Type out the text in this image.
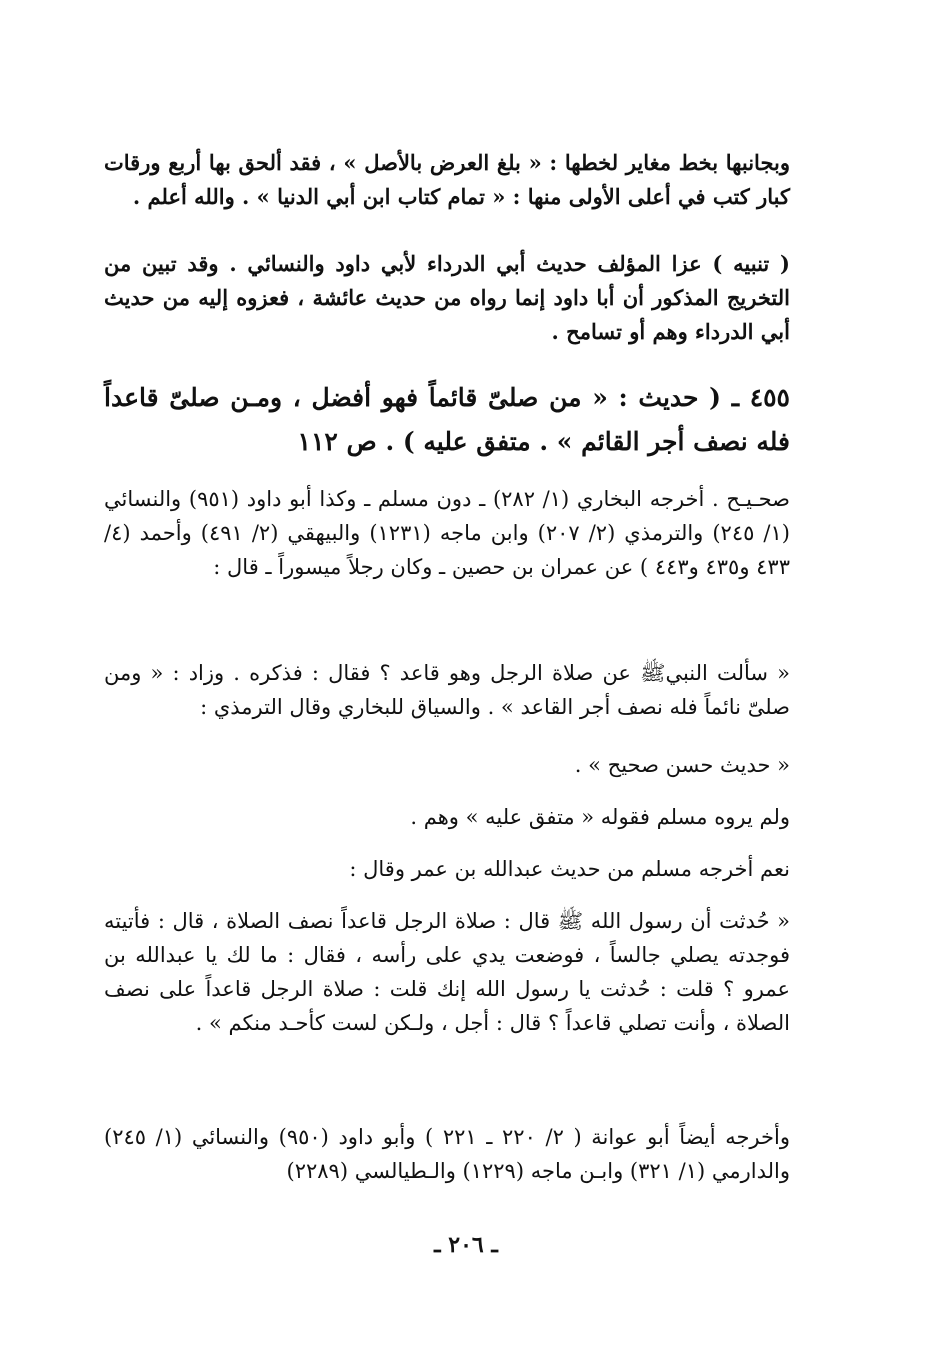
وبجانبها بخط مغاير لخطها : « بلغ العرض بالأصل » ، فقد ألحق بها أربع ورقات كبار كتب في أعلى الأولى منها : « تمام كتاب ابن أبي الدنيا » . والله أعلم .

( تنبيه ) عزا المؤلف حديث أبي الدرداء لأبي داود والنسائي . وقد تبين من التخريج المذكور أن أبا داود إنما رواه من حديث عائشة ، فعزوه إليه من حديث أبي الدرداء وهم أو تسامح .

٤٥٥ ـ ( حديث : « من صلىّ قائماً فهو أفضل ، ومـن صلىّ قاعداً فله نصف أجر القائم » . متفق عليه ) . ص ١١٢

صحـيـح . أخرجه البخاري (١/ ٢٨٢) ـ دون مسلم ـ وكذا أبو داود (٩٥١) والنسائي (١/ ٢٤٥) والترمذي (٢/ ٢٠٧) وابن ماجه (١٢٣١) والبيهقي (٢/ ٤٩١) وأحمد (٤/ ٤٣٣ و٤٣٥ و٤٤٣ ) عن عمران بن حصين ـ وكان رجلاً ميسوراً ـ قال :

« سألت النبيﷺ عن صلاة الرجل وهو قاعد ؟ فقال : فذكره . وزاد : « ومن صلىّ نائماً فله نصف أجر القاعد » . والسياق للبخاري وقال الترمذي :

« حديث حسن صحيح » .

ولم يروه مسلم فقوله « متفق عليه » وهم .

نعم أخرجه مسلم من حديث عبدالله بن عمر وقال :

« حُدثت أن رسول الله ﷺ قال : صلاة الرجل قاعداً نصف الصلاة ، قال : فأتيته فوجدته يصلي جالساً ، فوضعت يدي على رأسه ، فقال : ما لك يا عبدالله بن عمرو ؟ قلت : حُدثت يا رسول الله إنك قلت : صلاة الرجل قاعداً على نصف الصلاة ، وأنت تصلي قاعداً ؟ قال : أجل ، ولـكن لست كأحـد منكم » .

وأخرجه أيضاً أبو عوانة ( ٢/ ٢٢٠ ـ ٢٢١ ) وأبو داود (٩٥٠) والنسائي (١/ ٢٤٥) والدارمي (١/ ٣٢١) وابـن ماجه (١٢٢٩) والـطيالسي (٢٢٨٩)

ـ ٢٠٦ ـ
